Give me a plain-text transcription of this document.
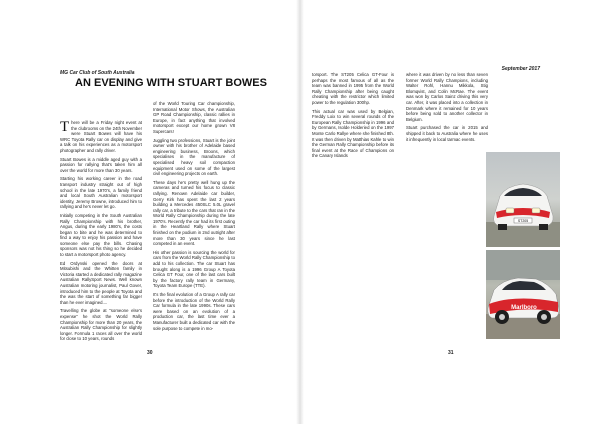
MG Car Club of South Australia
September 2017
AN EVENING WITH STUART BOWES

There will be a Friday night event at the clubrooms on the 24th November were Stuart Bowes will have his WRC Toyota Rally car on display and give a talk on his experiences as a motorsport photographer and rally driver.

Stuart Bowes is a middle aged guy with a passion for rallying that's taken him all over the world for more than 30 years.

Starting his working career in the road transport industry straight out of high school in the late 1970's, a family friend and local South Australian motorsport identity, Jeremy Browne, introduced him to rallying and he's never let go.

Initially competing in the South Australian Rally Championship with his brother, Angus, during the early 1980's, the costs began to bite and he was determined to find a way to enjoy his passion and have someone else pay the bills. Chasing sponsors was not his thing so he decided to start a motorsport photo agency.

Ed Ordynski opened the doors at Mitsubishi and the Whitten family in Victoria started a dedicated rally magazine Australian RallySport News. Well known Australian motoring journalist, Paul Gover, introduced him to the people at Toyota and the was the start of something far bigger than he ever imagined....

Travelling the globe at "someone else's expense" he shot the World Rally Championship for more than 20 years, the Australian Rally Championship for slightly longer. Formula 1 races all over the world for close to 10 years, rounds

of the World Touring Car championship, International Motor Shows, the Australian GP Road Championship, classic rallies in Europe, in fact anything that involved motorsport except our home grown V8 Supercars!

Juggling two professions, Stuart is the joint owner with his brother of Adelaide based engineering business, Broons, which specialises in the manufacture of specialised heavy soil compaction equipment used on some of the largest civil engineering projects on earth.

These days he's pretty well hung up the cameras and turned his focus to classic rallying. Renown Adelaide car builder, Gerry Kirk has spent the last 2 years building a Mercedes 450SLC 5.0L gravel rally car, a tribute to the cars that ran in the World Rally Championship during the late 1970's. Recently the car had its first outing in the Heartland Rally where Stuart finished on the podium in 2nd outright after more than 30 years since he last competed in an event.

His other passion is sourcing the world for cars from the World Rally Championship to add to his collection. The car Stuart has brought along is a 1996 Group A Toyota Celica GT Four, one of the last cars built by the factory rally team in Germany, Toyota Team Europe (TTE).

It's the final evolution of a Group A rally car before the introduction of the World Rally Car formula in the late 1990s. These cars were based on an evolution of a production car, the last time ever a Manufacturer built a dedicated car with the sole purpose to compete in mo-

torsport. The ST205 Celica GT-Four is perhaps the most famous of all as the team was banned in 1995 from the World Rally Championship after being caught cheating with the restrictor which limited power to the regulation 300hp.

This actual car was used by Belgian, Freddy Loix to win several rounds of the European Rally Championship in 1996 and by Germans, Isolde Holderied on the 1997 Monte Carlo Rallye where she finished 8th. It was then driven by Matthias Kahle to win the German Rally Championship before its final event at the Race of Champions on the Canary Islands

where it was driven by no less than seven former World Rally Champions, including Walter Rohl, Hannu Mikkola, Stig Blomqvist, and Colin McRae. The event was won by Carlos Sainz driving this very car. After, it was placed into a collection in Denmark where it remained for 10 years before being sold to another collector in Belgium.

Stuart purchased the car in 2015 and shipped it back to Australia where he uses it infrequently in local tarmac events.

ST205
Marlboro
30	31
